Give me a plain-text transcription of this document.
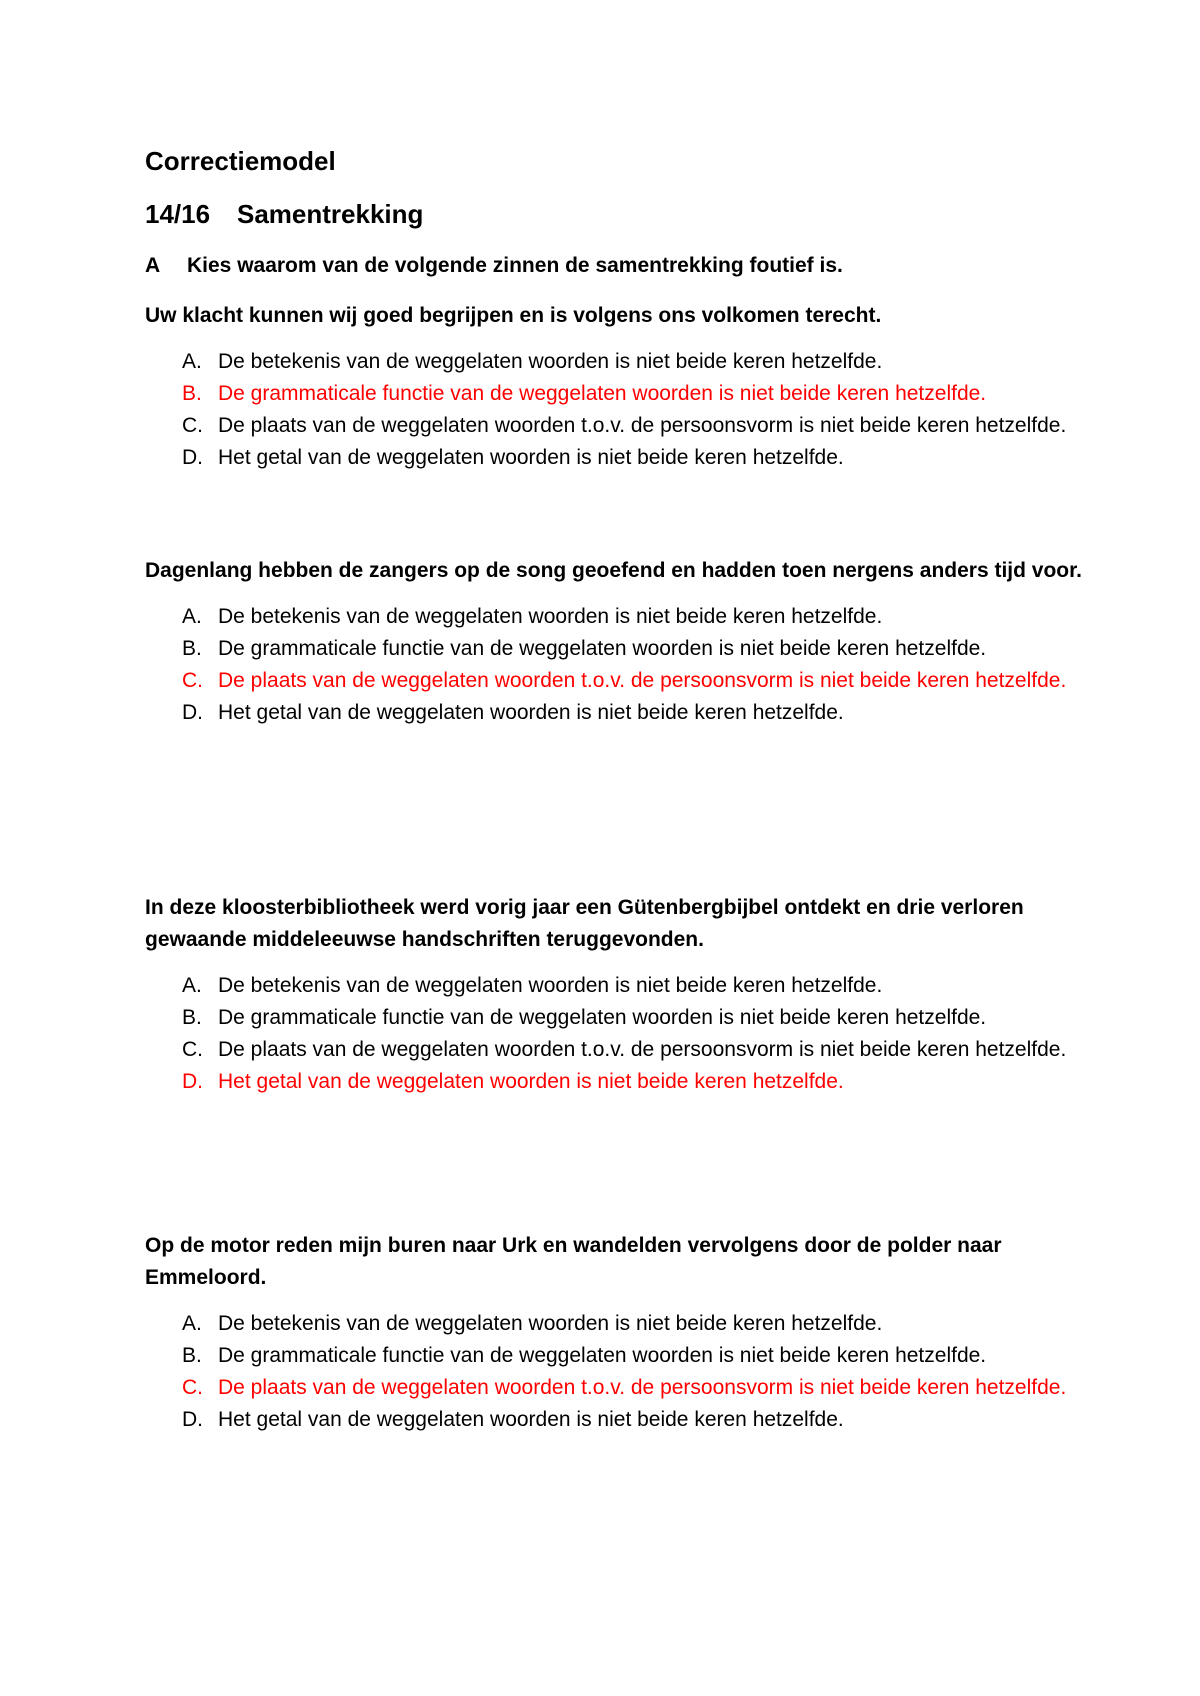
Correctiemodel
14/16 Samentrekking
A Kies waarom van de volgende zinnen de samentrekking foutief is.

Uw klacht kunnen wij goed begrijpen en is volgens ons volkomen terecht.

A. De betekenis van de weggelaten woorden is niet beide keren hetzelfde.
B. De grammaticale functie van de weggelaten woorden is niet beide keren hetzelfde.
C. De plaats van de weggelaten woorden t.o.v. de persoonsvorm is niet beide keren hetzelfde.
D. Het getal van de weggelaten woorden is niet beide keren hetzelfde.

Dagenlang hebben de zangers op de song geoefend en hadden toen nergens anders tijd voor.

A. De betekenis van de weggelaten woorden is niet beide keren hetzelfde.
B. De grammaticale functie van de weggelaten woorden is niet beide keren hetzelfde.
C. De plaats van de weggelaten woorden t.o.v. de persoonsvorm is niet beide keren hetzelfde.
D. Het getal van de weggelaten woorden is niet beide keren hetzelfde.

In deze kloosterbibliotheek werd vorig jaar een Gütenbergbijbel ontdekt en drie verloren gewaande middeleeuwse handschriften teruggevonden.

A. De betekenis van de weggelaten woorden is niet beide keren hetzelfde.
B. De grammaticale functie van de weggelaten woorden is niet beide keren hetzelfde.
C. De plaats van de weggelaten woorden t.o.v. de persoonsvorm is niet beide keren hetzelfde.
D. Het getal van de weggelaten woorden is niet beide keren hetzelfde.

Op de motor reden mijn buren naar Urk en wandelden vervolgens door de polder naar Emmeloord.

A. De betekenis van de weggelaten woorden is niet beide keren hetzelfde.
B. De grammaticale functie van de weggelaten woorden is niet beide keren hetzelfde.
C. De plaats van de weggelaten woorden t.o.v. de persoonsvorm is niet beide keren hetzelfde.
D. Het getal van de weggelaten woorden is niet beide keren hetzelfde.
